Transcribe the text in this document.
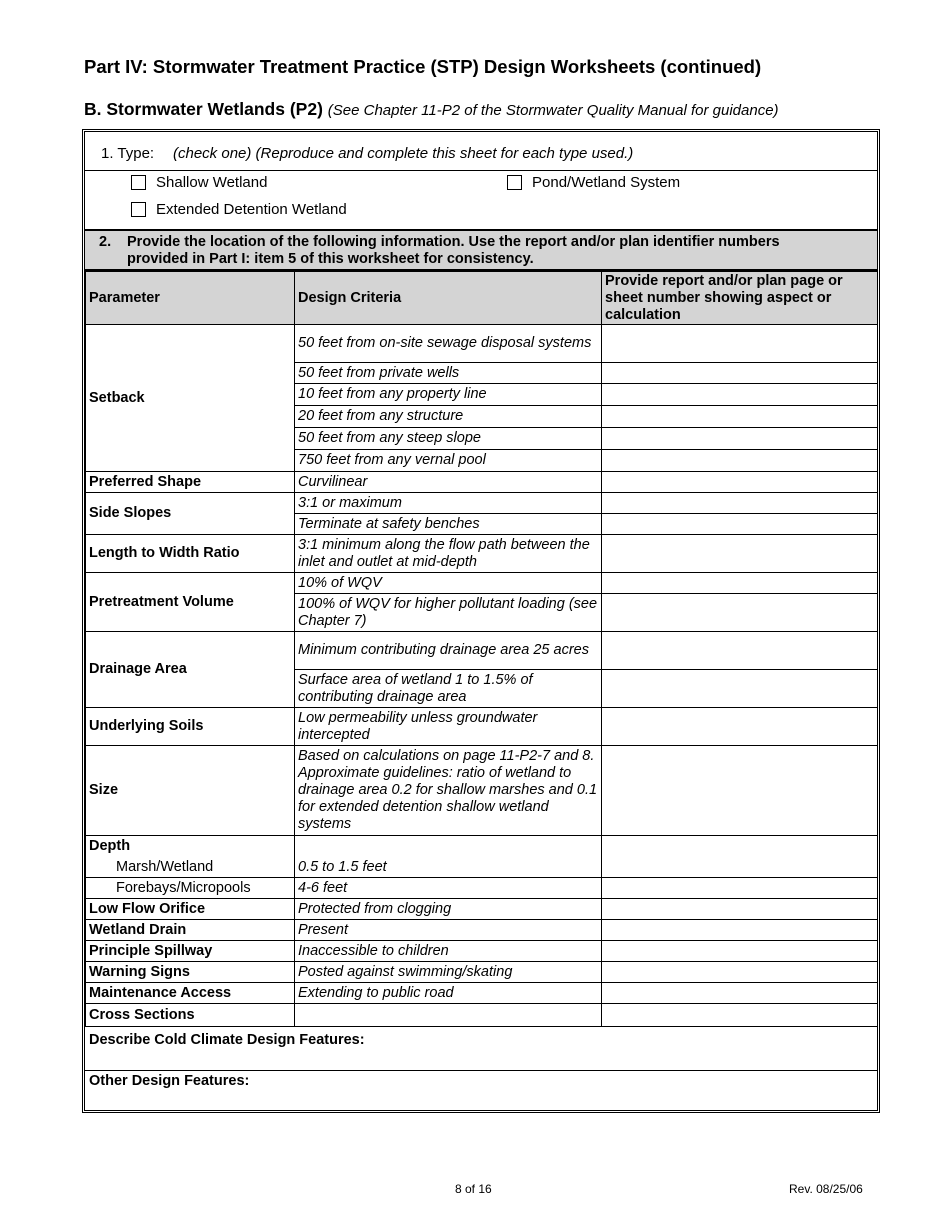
Part IV: Stormwater Treatment Practice (STP) Design Worksheets (continued)
B. Stormwater Wetlands (P2) (See Chapter 11-P2 of the Stormwater Quality Manual for guidance)
1. Type: (check one) (Reproduce and complete this sheet for each type used.)
Shallow Wetland	Pond/Wetland System
Extended Detention Wetland
2. Provide the location of the following information. Use the report and/or plan identifier numbers provided in Part I: item 5 of this worksheet for consistency.
Parameter	Design Criteria	Provide report and/or plan page or sheet number showing aspect or calculation
Setback	50 feet from on-site sewage disposal systems	
	50 feet from private wells	
	10 feet from any property line	
	20 feet from any structure	
	50 feet from any steep slope	
	750 feet from any vernal pool	
Preferred Shape	Curvilinear	
Side Slopes	3:1 or maximum	
	Terminate at safety benches	
Length to Width Ratio	3:1 minimum along the flow path between the inlet and outlet at mid-depth	
Pretreatment Volume	10% of WQV	
	100% of WQV for higher pollutant loading (see Chapter 7)	
Drainage Area	Minimum contributing drainage area 25 acres	
	Surface area of wetland 1 to 1.5% of contributing drainage area	
Underlying Soils	Low permeability unless groundwater intercepted	
Size	Based on calculations on page 11-P2-7 and 8. Approximate guidelines: ratio of wetland to drainage area 0.2 for shallow marshes and 0.1 for extended detention shallow wetland systems	

Depth
Marsh/Wetland	0.5 to 1.5 feet	
Forebays/Micropools	4-6 feet	
Low Flow Orifice	Protected from clogging	
Wetland Drain	Present	
Principle Spillway	Inaccessible to children	
Warning Signs	Posted against swimming/skating	
Maintenance Access	Extending to public road	
Cross Sections		
Describe Cold Climate Design Features:
Other Design Features:
8 of 16	Rev. 08/25/06
